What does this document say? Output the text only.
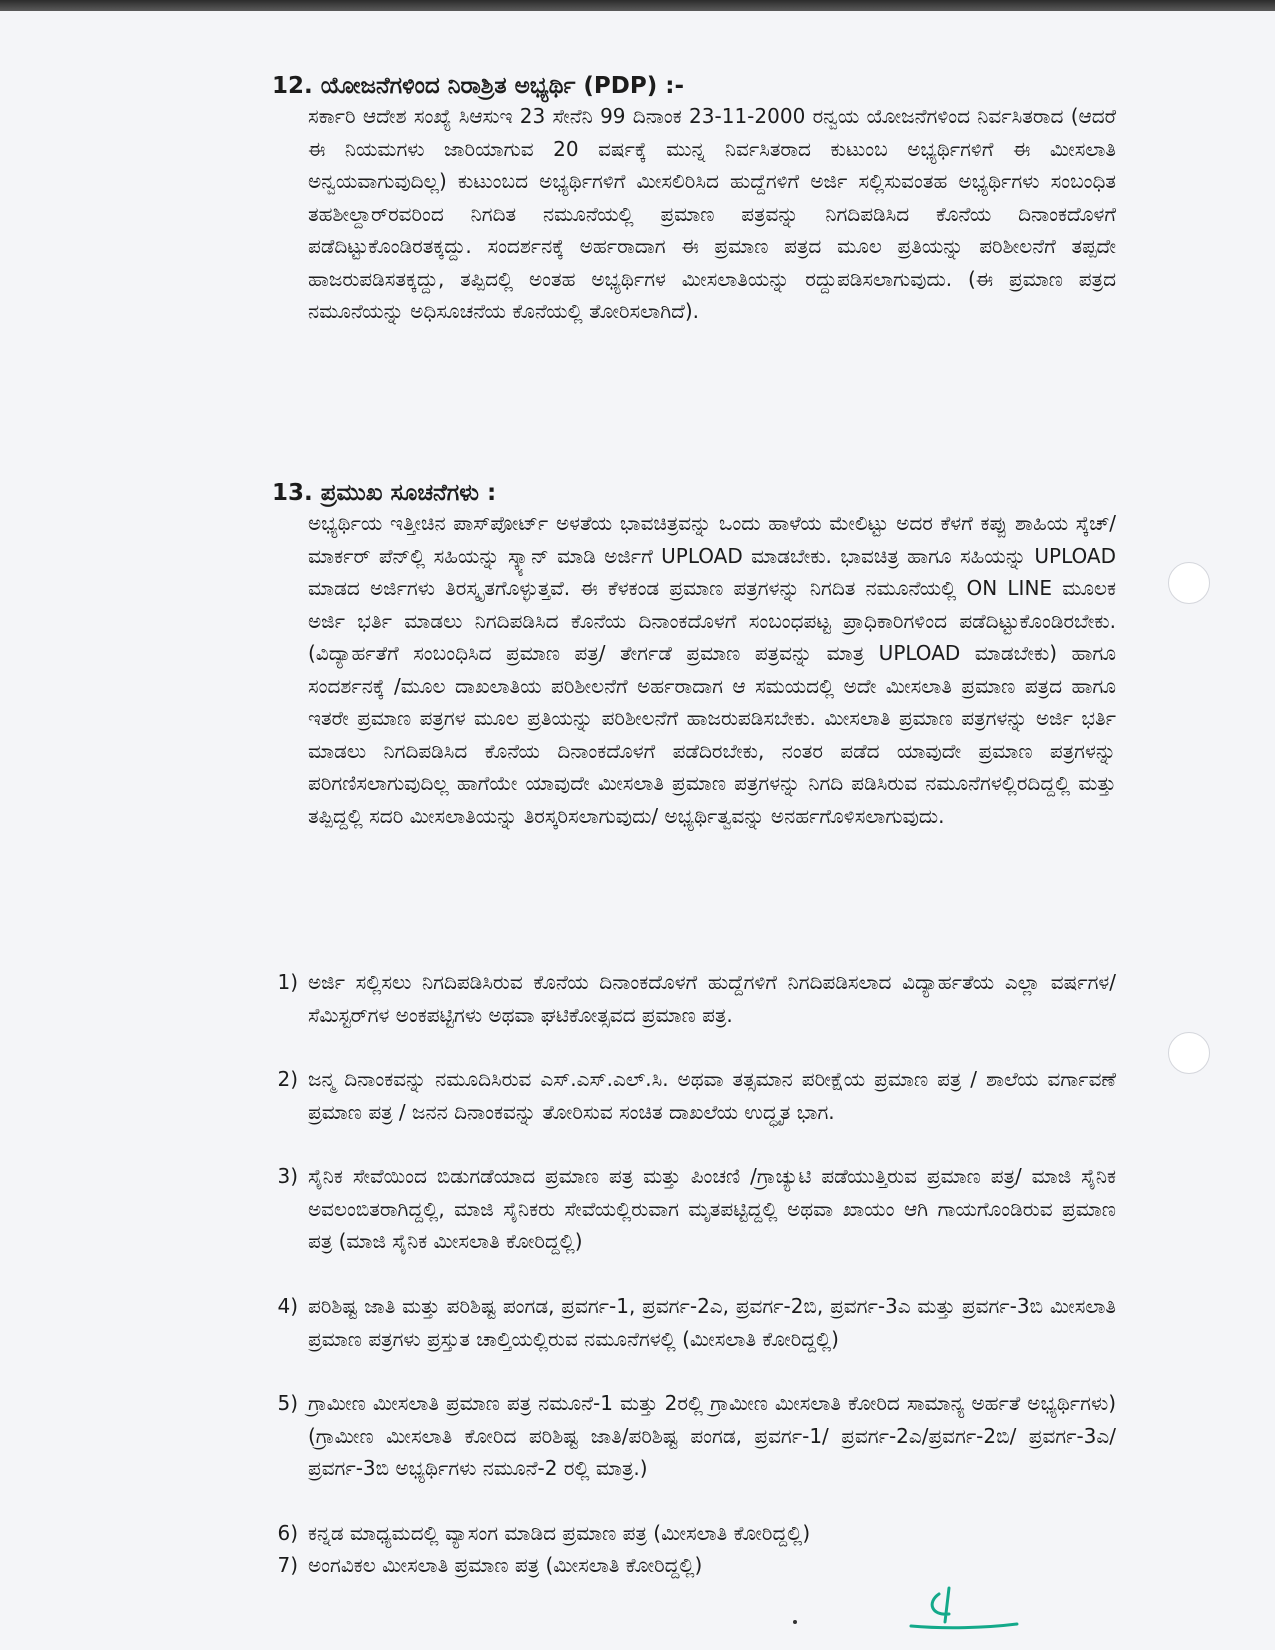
12. ಯೋಜನೆಗಳಿಂದ ನಿರಾಶ್ರಿತ ಅಭ್ಯರ್ಥಿ (PDP) :-
ಸರ್ಕಾರಿ ಆದೇಶ ಸಂಖ್ಯೆ ಸಿಆಸುಇ 23 ಸೇನೆನಿ 99 ದಿನಾಂಕ 23-11-2000 ರನ್ವಯ ಯೋಜನೆಗಳಿಂದ ನಿರ್ವಸಿತರಾದ (ಆದರೆ ಈ ನಿಯಮಗಳು ಜಾರಿಯಾಗುವ 20 ವರ್ಷಕ್ಕೆ ಮುನ್ನ ನಿರ್ವಸಿತರಾದ ಕುಟುಂಬ ಅಭ್ಯರ್ಥಿಗಳಿಗೆ ಈ ಮೀಸಲಾತಿ ಅನ್ವಯವಾಗುವುದಿಲ್ಲ) ಕುಟುಂಬದ ಅಭ್ಯರ್ಥಿಗಳಿಗೆ ಮೀಸಲಿರಿಸಿದ ಹುದ್ದೆಗಳಿಗೆ ಅರ್ಜಿ ಸಲ್ಲಿಸುವಂತಹ ಅಭ್ಯರ್ಥಿಗಳು ಸಂಬಂಧಿತ ತಹಶೀಲ್ದಾರ್‌ರವರಿಂದ ನಿಗದಿತ ನಮೂನೆಯಲ್ಲಿ ಪ್ರಮಾಣ ಪತ್ರವನ್ನು ನಿಗದಿಪಡಿಸಿದ ಕೊನೆಯ ದಿನಾಂಕದೊಳಗೆ ಪಡೆದಿಟ್ಟುಕೊಂಡಿರತಕ್ಕದ್ದು. ಸಂದರ್ಶನಕ್ಕೆ ಅರ್ಹರಾದಾಗ ಈ ಪ್ರಮಾಣ ಪತ್ರದ ಮೂಲ ಪ್ರತಿಯನ್ನು ಪರಿಶೀಲನೆಗೆ ತಪ್ಪದೇ ಹಾಜರುಪಡಿಸತಕ್ಕದ್ದು, ತಪ್ಪಿದಲ್ಲಿ ಅಂತಹ ಅಭ್ಯರ್ಥಿಗಳ ಮೀಸಲಾತಿಯನ್ನು ರದ್ದುಪಡಿಸಲಾಗುವುದು. (ಈ ಪ್ರಮಾಣ ಪತ್ರದ ನಮೂನೆಯನ್ನು ಅಧಿಸೂಚನೆಯ ಕೊನೆಯಲ್ಲಿ ತೋರಿಸಲಾಗಿದೆ).
13. ಪ್ರಮುಖ ಸೂಚನೆಗಳು :
ಅಭ್ಯರ್ಥಿಯ ಇತ್ತೀಚಿನ ಪಾಸ್‌ಪೋರ್ಟ್ ಅಳತೆಯ ಭಾವಚಿತ್ರವನ್ನು ಒಂದು ಹಾಳೆಯ ಮೇಲಿಟ್ಟು ಅದರ ಕೆಳಗೆ ಕಪ್ಪು ಶಾಹಿಯ ಸ್ಕೆಚ್/ ಮಾರ್ಕರ್ ಪೆನ್‌ಲ್ಲಿ ಸಹಿಯನ್ನು ಸ್ಕ್ಯಾನ್ ಮಾಡಿ ಅರ್ಜಿಗೆ UPLOAD ಮಾಡಬೇಕು. ಭಾವಚಿತ್ರ ಹಾಗೂ ಸಹಿಯನ್ನು UPLOAD ಮಾಡದ ಅರ್ಜಿಗಳು ತಿರಸ್ಕೃತಗೊಳ್ಳುತ್ತವೆ. ಈ ಕೆಳಕಂಡ ಪ್ರಮಾಣ ಪತ್ರಗಳನ್ನು ನಿಗದಿತ ನಮೂನೆಯಲ್ಲಿ ON LINE ಮೂಲಕ ಅರ್ಜಿ ಭರ್ತಿ ಮಾಡಲು ನಿಗದಿಪಡಿಸಿದ ಕೊನೆಯ ದಿನಾಂಕದೊಳಗೆ ಸಂಬಂಧಪಟ್ಟ ಪ್ರಾಧಿಕಾರಿಗಳಿಂದ ಪಡೆದಿಟ್ಟುಕೊಂಡಿರಬೇಕು. (ವಿದ್ಯಾರ್ಹತೆಗೆ ಸಂಬಂಧಿಸಿದ ಪ್ರಮಾಣ ಪತ್ರ/ ತೇರ್ಗಡೆ ಪ್ರಮಾಣ ಪತ್ರವನ್ನು ಮಾತ್ರ UPLOAD ಮಾಡಬೇಕು) ಹಾಗೂ ಸಂದರ್ಶನಕ್ಕೆ /ಮೂಲ ದಾಖಲಾತಿಯ ಪರಿಶೀಲನೆಗೆ ಅರ್ಹರಾದಾಗ ಆ ಸಮಯದಲ್ಲಿ ಅದೇ ಮೀಸಲಾತಿ ಪ್ರಮಾಣ ಪತ್ರದ ಹಾಗೂ ಇತರೇ ಪ್ರಮಾಣ ಪತ್ರಗಳ ಮೂಲ ಪ್ರತಿಯನ್ನು ಪರಿಶೀಲನೆಗೆ ಹಾಜರುಪಡಿಸಬೇಕು. ಮೀಸಲಾತಿ ಪ್ರಮಾಣ ಪತ್ರಗಳನ್ನು ಅರ್ಜಿ ಭರ್ತಿ ಮಾಡಲು ನಿಗದಿಪಡಿಸಿದ ಕೊನೆಯ ದಿನಾಂಕದೊಳಗೆ ಪಡೆದಿರಬೇಕು, ನಂತರ ಪಡೆದ ಯಾವುದೇ ಪ್ರಮಾಣ ಪತ್ರಗಳನ್ನು ಪರಿಗಣಿಸಲಾಗುವುದಿಲ್ಲ ಹಾಗೆಯೇ ಯಾವುದೇ ಮೀಸಲಾತಿ ಪ್ರಮಾಣ ಪತ್ರಗಳನ್ನು ನಿಗದಿ ಪಡಿಸಿರುವ ನಮೂನೆಗಳಲ್ಲಿರದಿದ್ದಲ್ಲಿ ಮತ್ತು ತಪ್ಪಿದ್ದಲ್ಲಿ ಸದರಿ ಮೀಸಲಾತಿಯನ್ನು ತಿರಸ್ಕರಿಸಲಾಗುವುದು/ ಅಭ್ಯರ್ಥಿತ್ವವನ್ನು ಅನರ್ಹಗೊಳಿಸಲಾಗುವುದು.
1) ಅರ್ಜಿ ಸಲ್ಲಿಸಲು ನಿಗದಿಪಡಿಸಿರುವ ಕೊನೆಯ ದಿನಾಂಕದೊಳಗೆ ಹುದ್ದೆಗಳಿಗೆ ನಿಗದಿಪಡಿಸಲಾದ ವಿದ್ಯಾರ್ಹತೆಯ ಎಲ್ಲಾ ವರ್ಷಗಳ/ಸೆಮಿಸ್ಟರ್‌ಗಳ ಅಂಕಪಟ್ಟಿಗಳು ಅಥವಾ ಘಟಿಕೋತ್ಸವದ ಪ್ರಮಾಣ ಪತ್ರ.
2) ಜನ್ಮ ದಿನಾಂಕವನ್ನು ನಮೂದಿಸಿರುವ ಎಸ್.ಎಸ್.ಎಲ್.ಸಿ. ಅಥವಾ ತತ್ಸಮಾನ ಪರೀಕ್ಷೆಯ ಪ್ರಮಾಣ ಪತ್ರ / ಶಾಲೆಯ ವರ್ಗಾವಣೆ ಪ್ರಮಾಣ ಪತ್ರ / ಜನನ ದಿನಾಂಕವನ್ನು ತೋರಿಸುವ ಸಂಚಿತ ದಾಖಲೆಯ ಉದ್ಧೃತ ಭಾಗ.
3) ಸೈನಿಕ ಸೇವೆಯಿಂದ ಬಿಡುಗಡೆಯಾದ ಪ್ರಮಾಣ ಪತ್ರ ಮತ್ತು ಪಿಂಚಣಿ /ಗ್ರಾಚ್ಯುಟಿ ಪಡೆಯುತ್ತಿರುವ ಪ್ರಮಾಣ ಪತ್ರ/ ಮಾಜಿ ಸೈನಿಕ ಅವಲಂಬಿತರಾಗಿದ್ದಲ್ಲಿ, ಮಾಜಿ ಸೈನಿಕರು ಸೇವೆಯಲ್ಲಿರುವಾಗ ಮೃತಪಟ್ಟಿದ್ದಲ್ಲಿ ಅಥವಾ ಖಾಯಂ ಆಗಿ ಗಾಯಗೊಂಡಿರುವ ಪ್ರಮಾಣ ಪತ್ರ (ಮಾಜಿ ಸೈನಿಕ ಮೀಸಲಾತಿ ಕೋರಿದ್ದಲ್ಲಿ)
4) ಪರಿಶಿಷ್ಟ ಜಾತಿ ಮತ್ತು ಪರಿಶಿಷ್ಟ ಪಂಗಡ, ಪ್ರವರ್ಗ-1, ಪ್ರವರ್ಗ-2ಎ, ಪ್ರವರ್ಗ-2ಬಿ, ಪ್ರವರ್ಗ-3ಎ ಮತ್ತು ಪ್ರವರ್ಗ-3ಬಿ ಮೀಸಲಾತಿ ಪ್ರಮಾಣ ಪತ್ರಗಳು ಪ್ರಸ್ತುತ ಚಾಲ್ತಿಯಲ್ಲಿರುವ ನಮೂನೆಗಳಲ್ಲಿ (ಮೀಸಲಾತಿ ಕೋರಿದ್ದಲ್ಲಿ)
5) ಗ್ರಾಮೀಣ ಮೀಸಲಾತಿ ಪ್ರಮಾಣ ಪತ್ರ ನಮೂನೆ-1 ಮತ್ತು 2ರಲ್ಲಿ ಗ್ರಾಮೀಣ ಮೀಸಲಾತಿ ಕೋರಿದ ಸಾಮಾನ್ಯ ಅರ್ಹತೆ ಅಭ್ಯರ್ಥಿಗಳು) (ಗ್ರಾಮೀಣ ಮೀಸಲಾತಿ ಕೋರಿದ ಪರಿಶಿಷ್ಟ ಜಾತಿ/ಪರಿಶಿಷ್ಟ ಪಂಗಡ, ಪ್ರವರ್ಗ-1/ ಪ್ರವರ್ಗ-2ಎ/ಪ್ರವರ್ಗ-2ಬಿ/ ಪ್ರವರ್ಗ-3ಎ/ ಪ್ರವರ್ಗ-3ಬಿ ಅಭ್ಯರ್ಥಿಗಳು ನಮೂನೆ-2 ರಲ್ಲಿ ಮಾತ್ರ.)
6) ಕನ್ನಡ ಮಾಧ್ಯಮದಲ್ಲಿ ವ್ಯಾಸಂಗ ಮಾಡಿದ ಪ್ರಮಾಣ ಪತ್ರ (ಮೀಸಲಾತಿ ಕೋರಿದ್ದಲ್ಲಿ)
7) ಅಂಗವಿಕಲ ಮೀಸಲಾತಿ ಪ್ರಮಾಣ ಪತ್ರ (ಮೀಸಲಾತಿ ಕೋರಿದ್ದಲ್ಲಿ)
